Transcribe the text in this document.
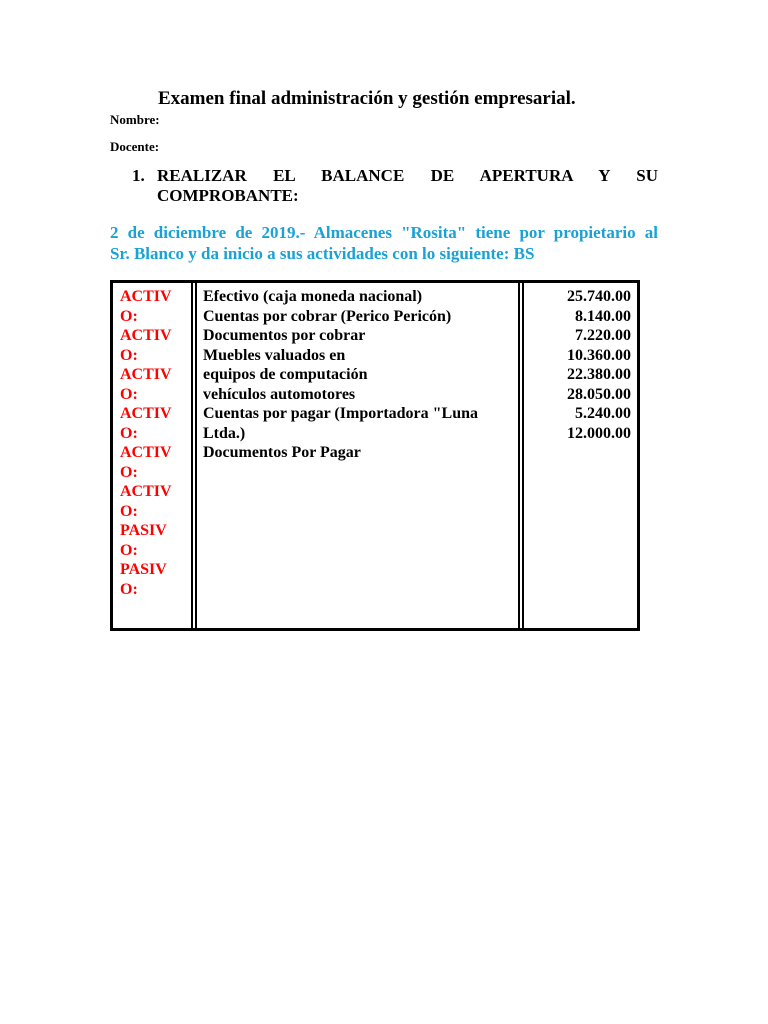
Examen final administración y gestión empresarial.
Nombre:
Docente:
1. REALIZAR EL BALANCE DE APERTURA Y SU
COMPROBANTE:
2 de diciembre de 2019.- Almacenes "Rosita" tiene por propietario al
Sr. Blanco y da inicio a sus actividades con lo siguiente: BS
ACTIV
O:
ACTIV
O:
ACTIV
O:
ACTIV
O:
ACTIV
O:
ACTIV
O:
PASIV
O:
PASIV
O:
Efectivo (caja moneda nacional)
Cuentas por cobrar (Perico Pericón)
Documentos por cobrar
Muebles valuados en
equipos de computación
vehículos automotores
Cuentas por pagar (Importadora "Luna
Ltda.)
Documentos Por Pagar
25.740.00
8.140.00
7.220.00
10.360.00
22.380.00
28.050.00
5.240.00
12.000.00
